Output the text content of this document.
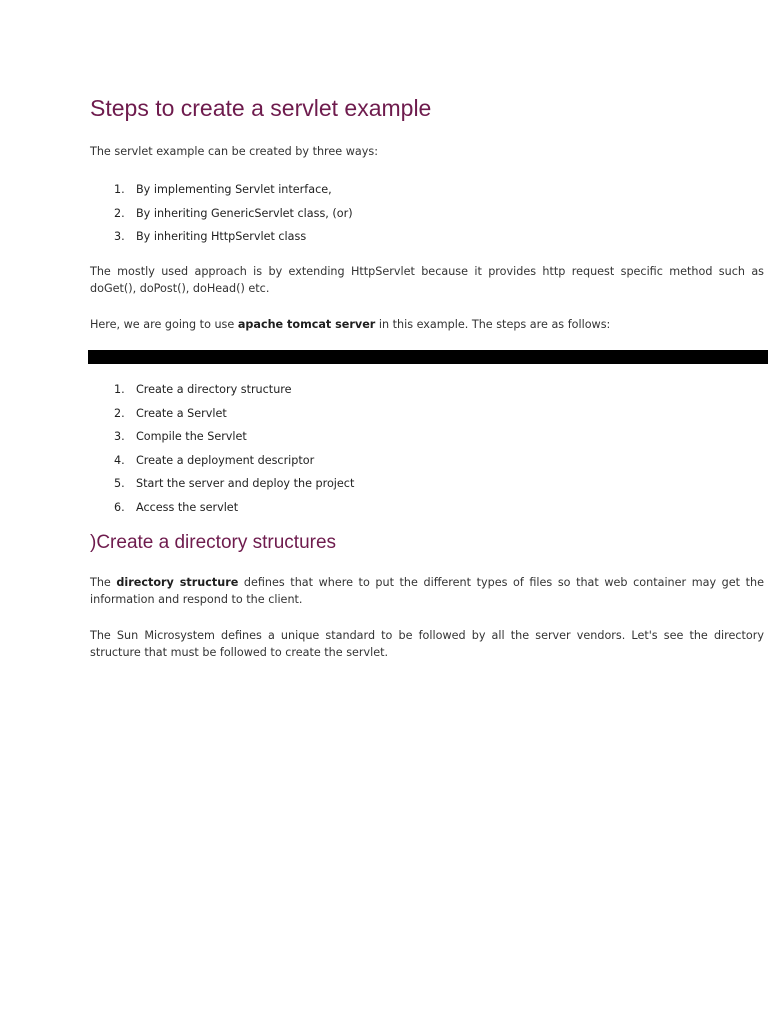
Steps to create a servlet example

The servlet example can be created by three ways:

1. By implementing Servlet interface,
2. By inheriting GenericServlet class, (or)
3. By inheriting HttpServlet class

The mostly used approach is by extending HttpServlet because it provides http request specific method such as doGet(), doPost(), doHead() etc.

Here, we are going to use apache tomcat server in this example. The steps are as follows:

1. Create a directory structure
2. Create a Servlet
3. Compile the Servlet
4. Create a deployment descriptor
5. Start the server and deploy the project
6. Access the servlet
)Create a directory structures

The directory structure defines that where to put the different types of files so that web container may get the information and respond to the client.

The Sun Microsystem defines a unique standard to be followed by all the server vendors. Let's see the directory structure that must be followed to create the servlet.
